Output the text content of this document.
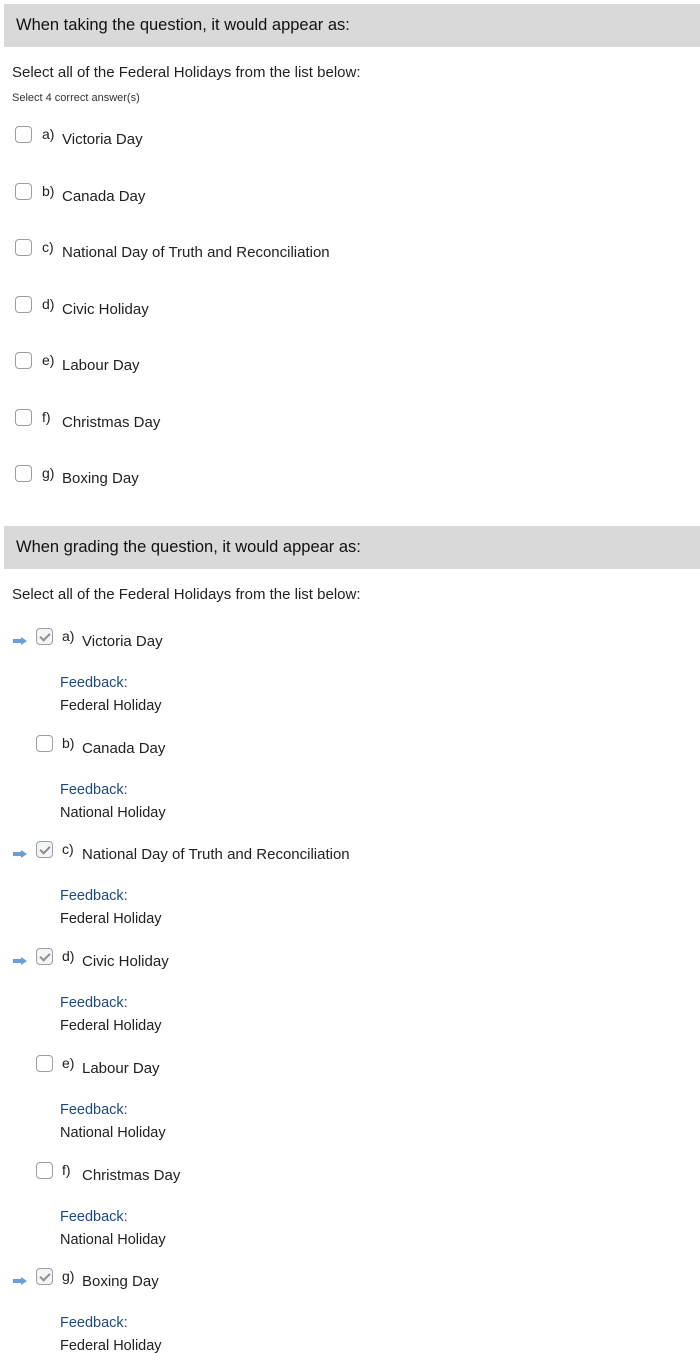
When taking the question, it would appear as:
Select all of the Federal Holidays from the list below:
Select 4 correct answer(s)
a) Victoria Day
b) Canada Day
c) National Day of Truth and Reconciliation
d) Civic Holiday
e) Labour Day
f) Christmas Day
g) Boxing Day
When grading the question, it would appear as:
Select all of the Federal Holidays from the list below:
a) Victoria Day
Feedback:
Federal Holiday
b) Canada Day
Feedback:
National Holiday
c) National Day of Truth and Reconciliation
Feedback:
Federal Holiday
d) Civic Holiday
Feedback:
Federal Holiday
e) Labour Day
Feedback:
National Holiday
f) Christmas Day
Feedback:
National Holiday
g) Boxing Day
Feedback:
Federal Holiday
